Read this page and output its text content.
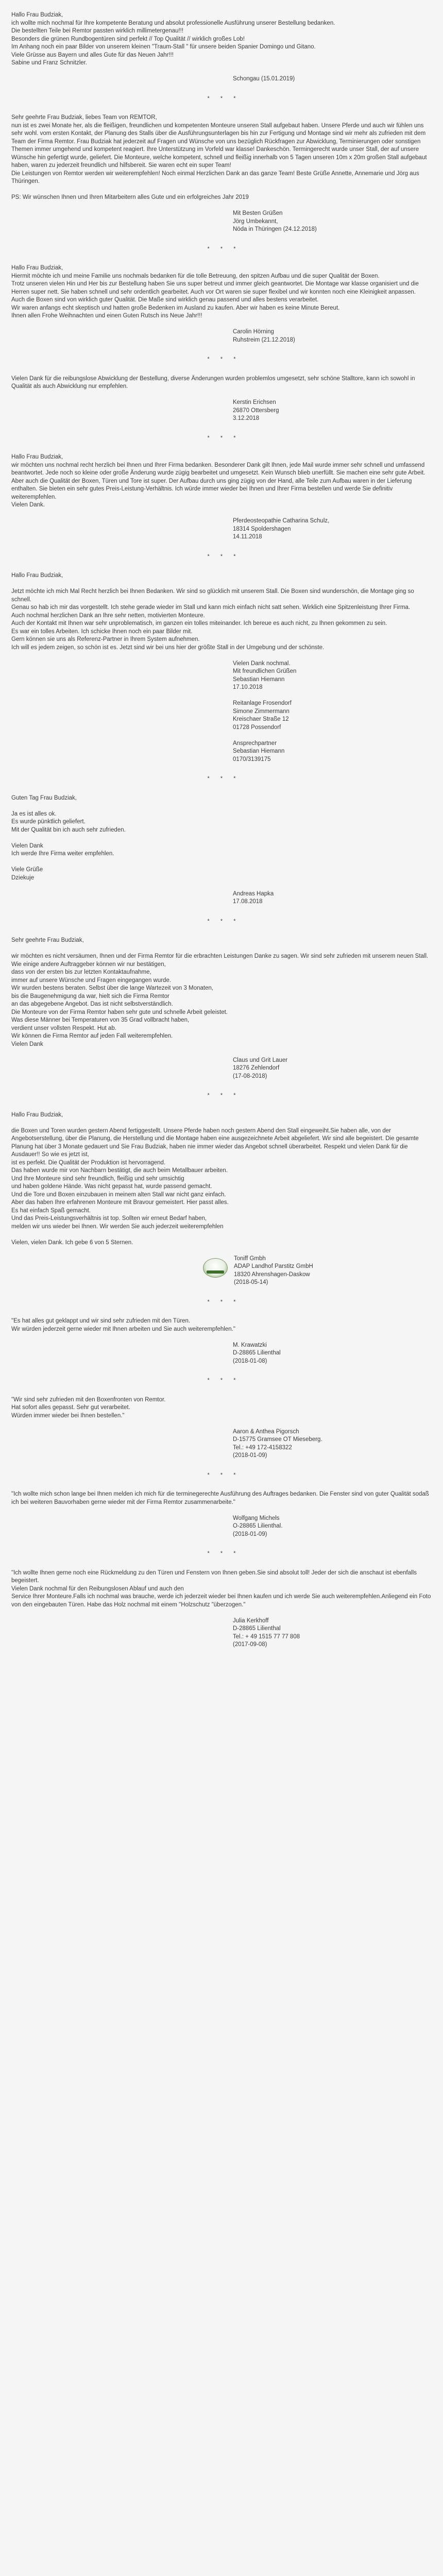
Hallo Frau Budziak,

ich wollte mich nochmal für Ihre kompetente Beratung und absolut professionelle Ausführung unserer Bestellung bedanken.

Die bestellten Teile bei Remtor passten wirklich millimetergenau!!!

Besonders die grünen Rundbogentüren sind perfekt // Top Qualität // wirklich großes Lob!

Im Anhang noch ein paar Bilder von unserem kleinen "Traum-Stall " für unsere beiden Spanier Domingo und Gitano.

Viele Grüsse aus Bayern und alles Gute für das Neuen Jahr!!!

Sabine und Franz Schnitzler.

Schongau (15.01.2019)

* * *

Sehr geehrte Frau Budziak, liebes Team von REMTOR,

nun ist es zwei Monate her, als die fleißigen, freundlichen und kompetenten Monteure unseren Stall aufgebaut haben. Unsere Pferde und auch wir fühlen uns sehr wohl. vom ersten Kontakt, der Planung des Stalls über die Ausführungsunterlagen bis hin zur Fertigung und Montage sind wir mehr als zufrieden mit dem Team der Firma Remtor. Frau Budziak hat jederzeit auf Fragen und Wünsche von uns bezüglich Rückfragen zur Abwicklung, Terminierungen oder sonstigen Themen immer umgehend und kompetent reagiert. Ihre Unterstützung im Vorfeld war klasse! Dankeschön. Termingerecht wurde unser Stall, der auf unsere Wünsche hin gefertigt wurde, geliefert. Die Monteure, welche kompetent, schnell und fleißig innerhalb von 5 Tagen unseren 10m x 20m großen Stall aufgebaut haben, waren zu jederzeit freundlich und hilfsbereit. Sie waren echt ein super Team!

Die Leistungen von Remtor werden wir weiterempfehlen! Noch einmal Herzlichen Dank an das ganze Team! Beste Grüße Annette, Annemarie und Jörg aus Thüringen.

PS: Wir wünschen Ihnen und Ihren Mitarbeitern alles Gute und ein erfolgreiches Jahr 2019

Mit Besten Grüßen

Jörg Umbekannt,

Nöda in Thüringen (24.12.2018)

* * *

Hallo Frau Budziak,

Hiermit möchte ich und meine Familie uns nochmals bedanken für die tolle Betreuung, den spitzen Aufbau und die super Qualität der Boxen.

Trotz unseren vielen Hin und Her bis zur Bestellung haben Sie uns super betreut und immer gleich geantwortet. Die Montage war klasse organisiert und die Herren super nett. Sie haben schnell und sehr ordentlich gearbeitet. Auch vor Ort waren sie super flexibel und wir konnten noch eine Kleinigkeit anpassen.

Auch die Boxen sind von wirklich guter Qualität. Die Maße sind wirklich genau passend und alles bestens verarbeitet.

Wir waren anfangs echt skeptisch und hatten große Bedenken im Ausland zu kaufen. Aber wir haben es keine Minute Bereut.

Ihnen allen Frohe Weihnachten und einen Guten Rutsch ins Neue Jahr!!!

Carolin Hörning

Ruhstreim (21.12.2018)

* * *

Vielen Dank für die reibungslose Abwicklung der Bestellung, diverse Änderungen wurden problemlos umgesetzt, sehr schöne Stalltore, kann ich sowohl in Qualität als auch Abwicklung nur empfehlen.

Kerstin Erichsen

26870 Ottersberg

3.12.2018

* * *

Hallo Frau Budziak,

wir möchten uns nochmal recht herzlich bei Ihnen und Ihrer Firma bedanken. Besonderer Dank gilt Ihnen, jede Mail wurde immer sehr schnell und umfassend beantwortet. Jede noch so kleine oder große Änderung wurde zügig bearbeitet und umgesetzt. Kein Wunsch blieb unerfüllt. Sie machen eine sehr gute Arbeit.

Aber auch die Qualität der Boxen, Türen und Tore ist super. Der Aufbau durch uns ging zügig von der Hand, alle Teile zum Aufbau waren in der Lieferung enthalten. Sie bieten ein sehr gutes Preis-Leistung-Verhältnis. Ich würde immer wieder bei Ihnen und Ihrer Firma bestellen und werde Sie definitiv weiterempfehlen.

Vielen Dank.

Pferdeosteopathie Catharina Schulz,

18314 Spoldershagen

14.11.2018

* * *

Hallo Frau Budziak,

Jetzt möchte ich mich Mal Recht herzlich bei Ihnen Bedanken. Wir sind so glücklich mit unserem Stall. Die Boxen sind wunderschön, die Montage ging so schnell.

Genau so hab ich mir das vorgestellt. Ich stehe gerade wieder im Stall und kann mich einfach nicht satt sehen. Wirklich eine Spitzenleistung Ihrer Firma.

Auch nochmal herzlichen Dank an Ihre sehr netten, motivierten Monteure.

Auch der Kontakt mit Ihnen war sehr unproblematisch, im ganzen ein tolles miteinander. Ich bereue es auch nicht, zu Ihnen gekommen zu sein.

Es war ein tolles Arbeiten. Ich schicke Ihnen noch ein paar Bilder mit.

Gern können sie uns als Referenz-Partner in Ihrem System aufnehmen.

Ich will es jedem zeigen, so schön ist es. Jetzt sind wir bei uns hier der größte Stall in der Umgebung und der schönste.

Vielen Dank nochmal.

Mit freundlichen Grüßen

Sebastian Hiemann

17.10.2018

Reitanlage Frosendorf

Simone Zimmermann

Kreischaer Straße 12

01728 Possendorf

Ansprechpartner

Sebastian Hiemann

0170/3139175

* * *

Guten Tag Frau Budziak,

Ja es ist alles ok.

Es wurde pünktlich geliefert.

Mit der Qualität bin ich auch sehr zufrieden.

Vielen Dank

Ich werde Ihre Firma weiter empfehlen.

Viele Grüße

Dziekuje

Andreas Hapka

17.08.2018

* * *

Sehr geehrte Frau Budziak,

wir möchten es nicht versäumen, Ihnen und der Firma Remtor für die erbrachten Leistungen Danke zu sagen. Wir sind sehr zufrieden mit unserem neuen Stall.

Wie einige andere Auftraggeber können wir nur bestätigen,

dass von der ersten bis zur letzten Kontaktaufnahme,

immer auf unsere Wünsche und Fragen eingegangen wurde.

Wir wurden bestens beraten. Selbst über die lange Wartezeit von 3 Monaten,

bis die Baugenehmigung da war, hielt sich die Firma Remtor

an das abgegebene Angebot. Das ist nicht selbstverständlich.

Die Monteure von der Firma Remtor haben sehr gute und schnelle Arbeit geleistet.

Was diese Männer bei Temperaturen von 35 Grad vollbracht haben,

verdient unser vollsten Respekt. Hut ab.

Wir können die Firma Remtor auf jeden Fall weiterempfehlen.

Vielen Dank

Claus und Grit Lauer

18276 Zehlendorf

(17-08-2018)

* * *

Hallo Frau Budziak,

die Boxen und Toren wurden gestern Abend fertiggestellt. Unsere Pferde haben noch gestern Abend den Stall eingeweiht.Sie haben alle, von der Angebotserstellung, über die Planung, die Herstellung und die Montage haben eine ausgezeichnete Arbeit abgeliefert. Wir sind alle begeistert. Die gesamte Planung hat über 3 Monate gedauert und Sie Frau Budziak, haben nie immer wieder das Angebot schnell überarbeitet. Respekt und vielen Dank für die Ausdauer!! So wie es jetzt ist,

ist es perfekt. Die Qualität der Produktion ist hervorragend.

Das haben wurde mir von Nachbarn bestätigt, die auch beim Metallbauer arbeiten.

Und Ihre Monteure sind sehr freundlich, fleißig und sehr umsichtig

und haben goldene Hände. Was nicht gepasst hat, wurde passend gemacht.

Und die Tore und Boxen einzubauen in meinem alten Stall war nicht ganz einfach.

Aber das haben Ihre erfahrenen Monteure mit Bravour gemeistert. Hier passt alles.

Es hat einfach Spaß gemacht.

Und das Preis-Leistungsverhältnis ist top. Sollten wir erneut Bedarf haben,

melden wir uns wieder bei Ihnen. Wir werden Sie auch jederzeit weiterempfehlen

Vielen, vielen Dank. Ich gebe 6 von 5 Sternen.

Toniff Gmbh

ADAP Landhof Parstitz GmbH

18320 Ahrenshagen-Daskow

(2018-05-14)

* * *

"Es hat alles gut geklappt und wir sind sehr zufrieden mit den Türen.

Wir würden jederzeit gerne wieder mit Ihnen arbeiten und Sie auch weiterempfehlen."

M. Krawatzki

D-28865 Lilienthal

(2018-01-08)

* * *

"Wir sind sehr zufrieden mit den Boxenfronten von Remtor.

Hat sofort alles gepasst. Sehr gut verarbeitet.

Würden immer wieder bei Ihnen bestellen."

Aaron & Anthea Pigorsch

D-15775 Gramsee OT Mieseberg.

Tel.: +49 172-4158322

(2018-01-09)

* * *

"Ich wollte mich schon lange bei Ihnen melden ich mich für die terminegerechte Ausführung des Auftrages bedanken. Die Fenster sind von guter Qualität sodaß ich bei weiteren Bauvorhaben gerne wieder mit der Firma Remtor zusammenarbeite."

Wolfgang Michels

O-28865 Lilienthal.

(2018-01-09)

* * *

"Ich wollte Ihnen gerne noch eine Rückmeldung zu den Türen und Fenstern von Ihnen geben.Sie sind absolut toll! Jeder der sich die anschaut ist ebenfalls begeistert.

Vielen Dank nochmal für den Reibungslosen Ablauf und auch den

Service Ihrer Monteure.Falls ich nochmal was brauche, werde ich jederzeit wieder bei Ihnen kaufen und ich werde Sie auch weiterempfehlen.Anliegend ein Foto von den eingebauten Türen. Habe das Holz nochmal mit einem "Holzschutz "überzogen."

Julia Kerkhoff

D-28865 Lilienthal

Tel.: + 49 1515 77 77 808

(2017-09-08)
